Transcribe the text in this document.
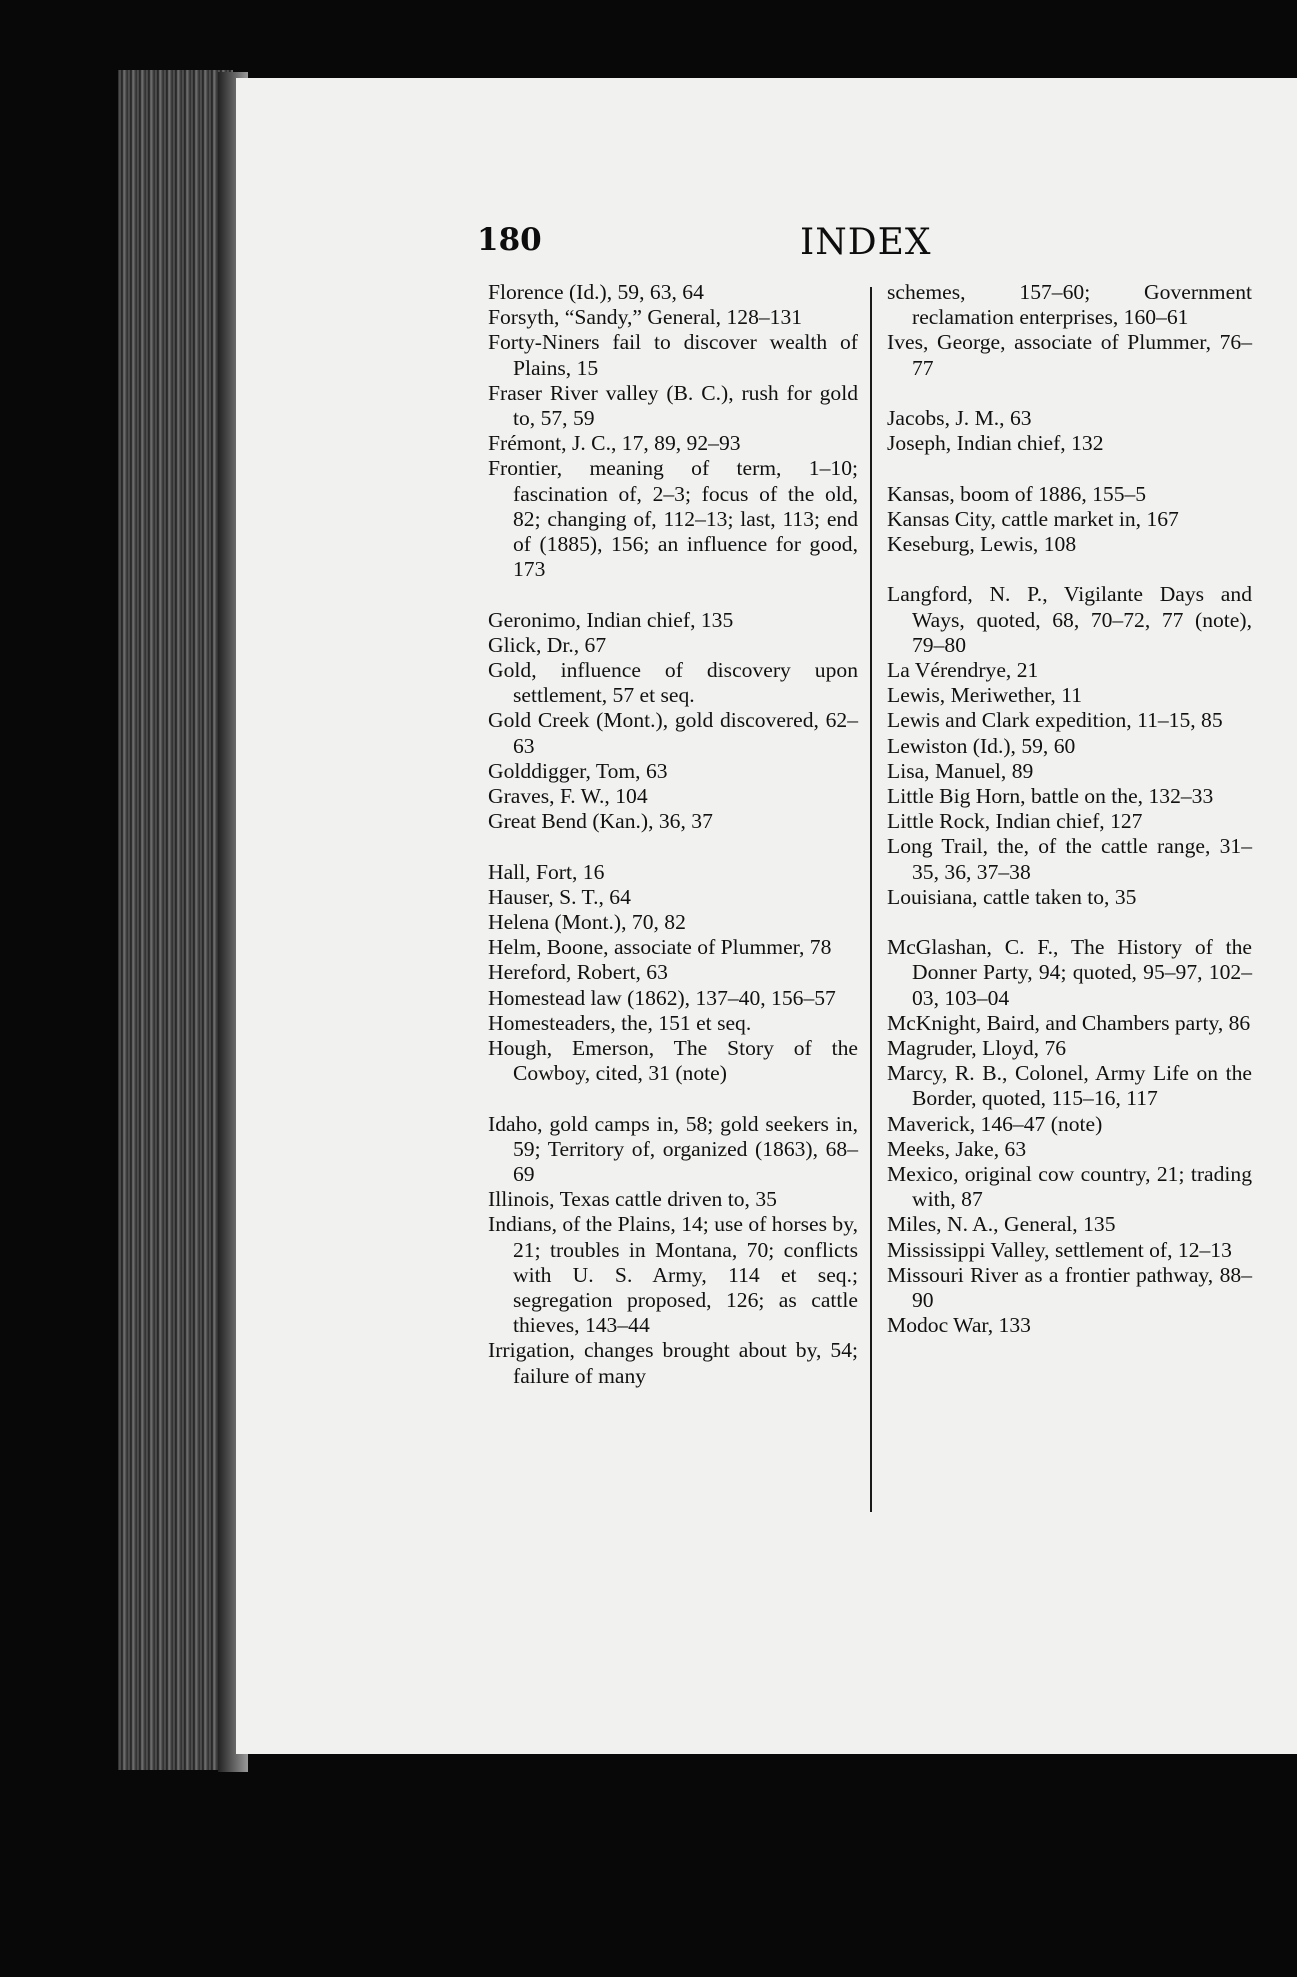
180	INDEX
Florence (Id.), 59, 63, 64
Forsyth, “Sandy,” General, 128–131
Forty-Niners fail to discover wealth of Plains, 15
Fraser River valley (B. C.), rush for gold to, 57, 59
Frémont, J. C., 17, 89, 92–93
Frontier, meaning of term, 1–10; fascination of, 2–3; focus of the old, 82; changing of, 112–13; last, 113; end of (1885), 156; an influence for good, 173
Geronimo, Indian chief, 135
Glick, Dr., 67
Gold, influence of discovery upon settlement, 57 et seq.
Gold Creek (Mont.), gold discovered, 62–63
Golddigger, Tom, 63
Graves, F. W., 104
Great Bend (Kan.), 36, 37
Hall, Fort, 16
Hauser, S. T., 64
Helena (Mont.), 70, 82
Helm, Boone, associate of Plummer, 78
Hereford, Robert, 63
Homestead law (1862), 137–40, 156–57
Homesteaders, the, 151 et seq.
Hough, Emerson, The Story of the Cowboy, cited, 31 (note)
Idaho, gold camps in, 58; gold seekers in, 59; Territory of, organized (1863), 68–69
Illinois, Texas cattle driven to, 35
Indians, of the Plains, 14; use of horses by, 21; troubles in Montana, 70; conflicts with U. S. Army, 114 et seq.; segregation proposed, 126; as cattle thieves, 143–44
Irrigation, changes brought about by, 54; failure of many
schemes, 157–60; Government reclamation enterprises, 160–61
Ives, George, associate of Plummer, 76–77
Jacobs, J. M., 63
Joseph, Indian chief, 132
Kansas, boom of 1886, 155–5
Kansas City, cattle market in, 167
Keseburg, Lewis, 108
Langford, N. P., Vigilante Days and Ways, quoted, 68, 70–72, 77 (note), 79–80
La Vérendrye, 21
Lewis, Meriwether, 11
Lewis and Clark expedition, 11–15, 85
Lewiston (Id.), 59, 60
Lisa, Manuel, 89
Little Big Horn, battle on the, 132–33
Little Rock, Indian chief, 127
Long Trail, the, of the cattle range, 31–35, 36, 37–38
Louisiana, cattle taken to, 35
McGlashan, C. F., The History of the Donner Party, 94; quoted, 95–97, 102–03, 103–04
McKnight, Baird, and Chambers party, 86
Magruder, Lloyd, 76
Marcy, R. B., Colonel, Army Life on the Border, quoted, 115–16, 117
Maverick, 146–47 (note)
Meeks, Jake, 63
Mexico, original cow country, 21; trading with, 87
Miles, N. A., General, 135
Mississippi Valley, settlement of, 12–13
Missouri River as a frontier pathway, 88–90
Modoc War, 133
